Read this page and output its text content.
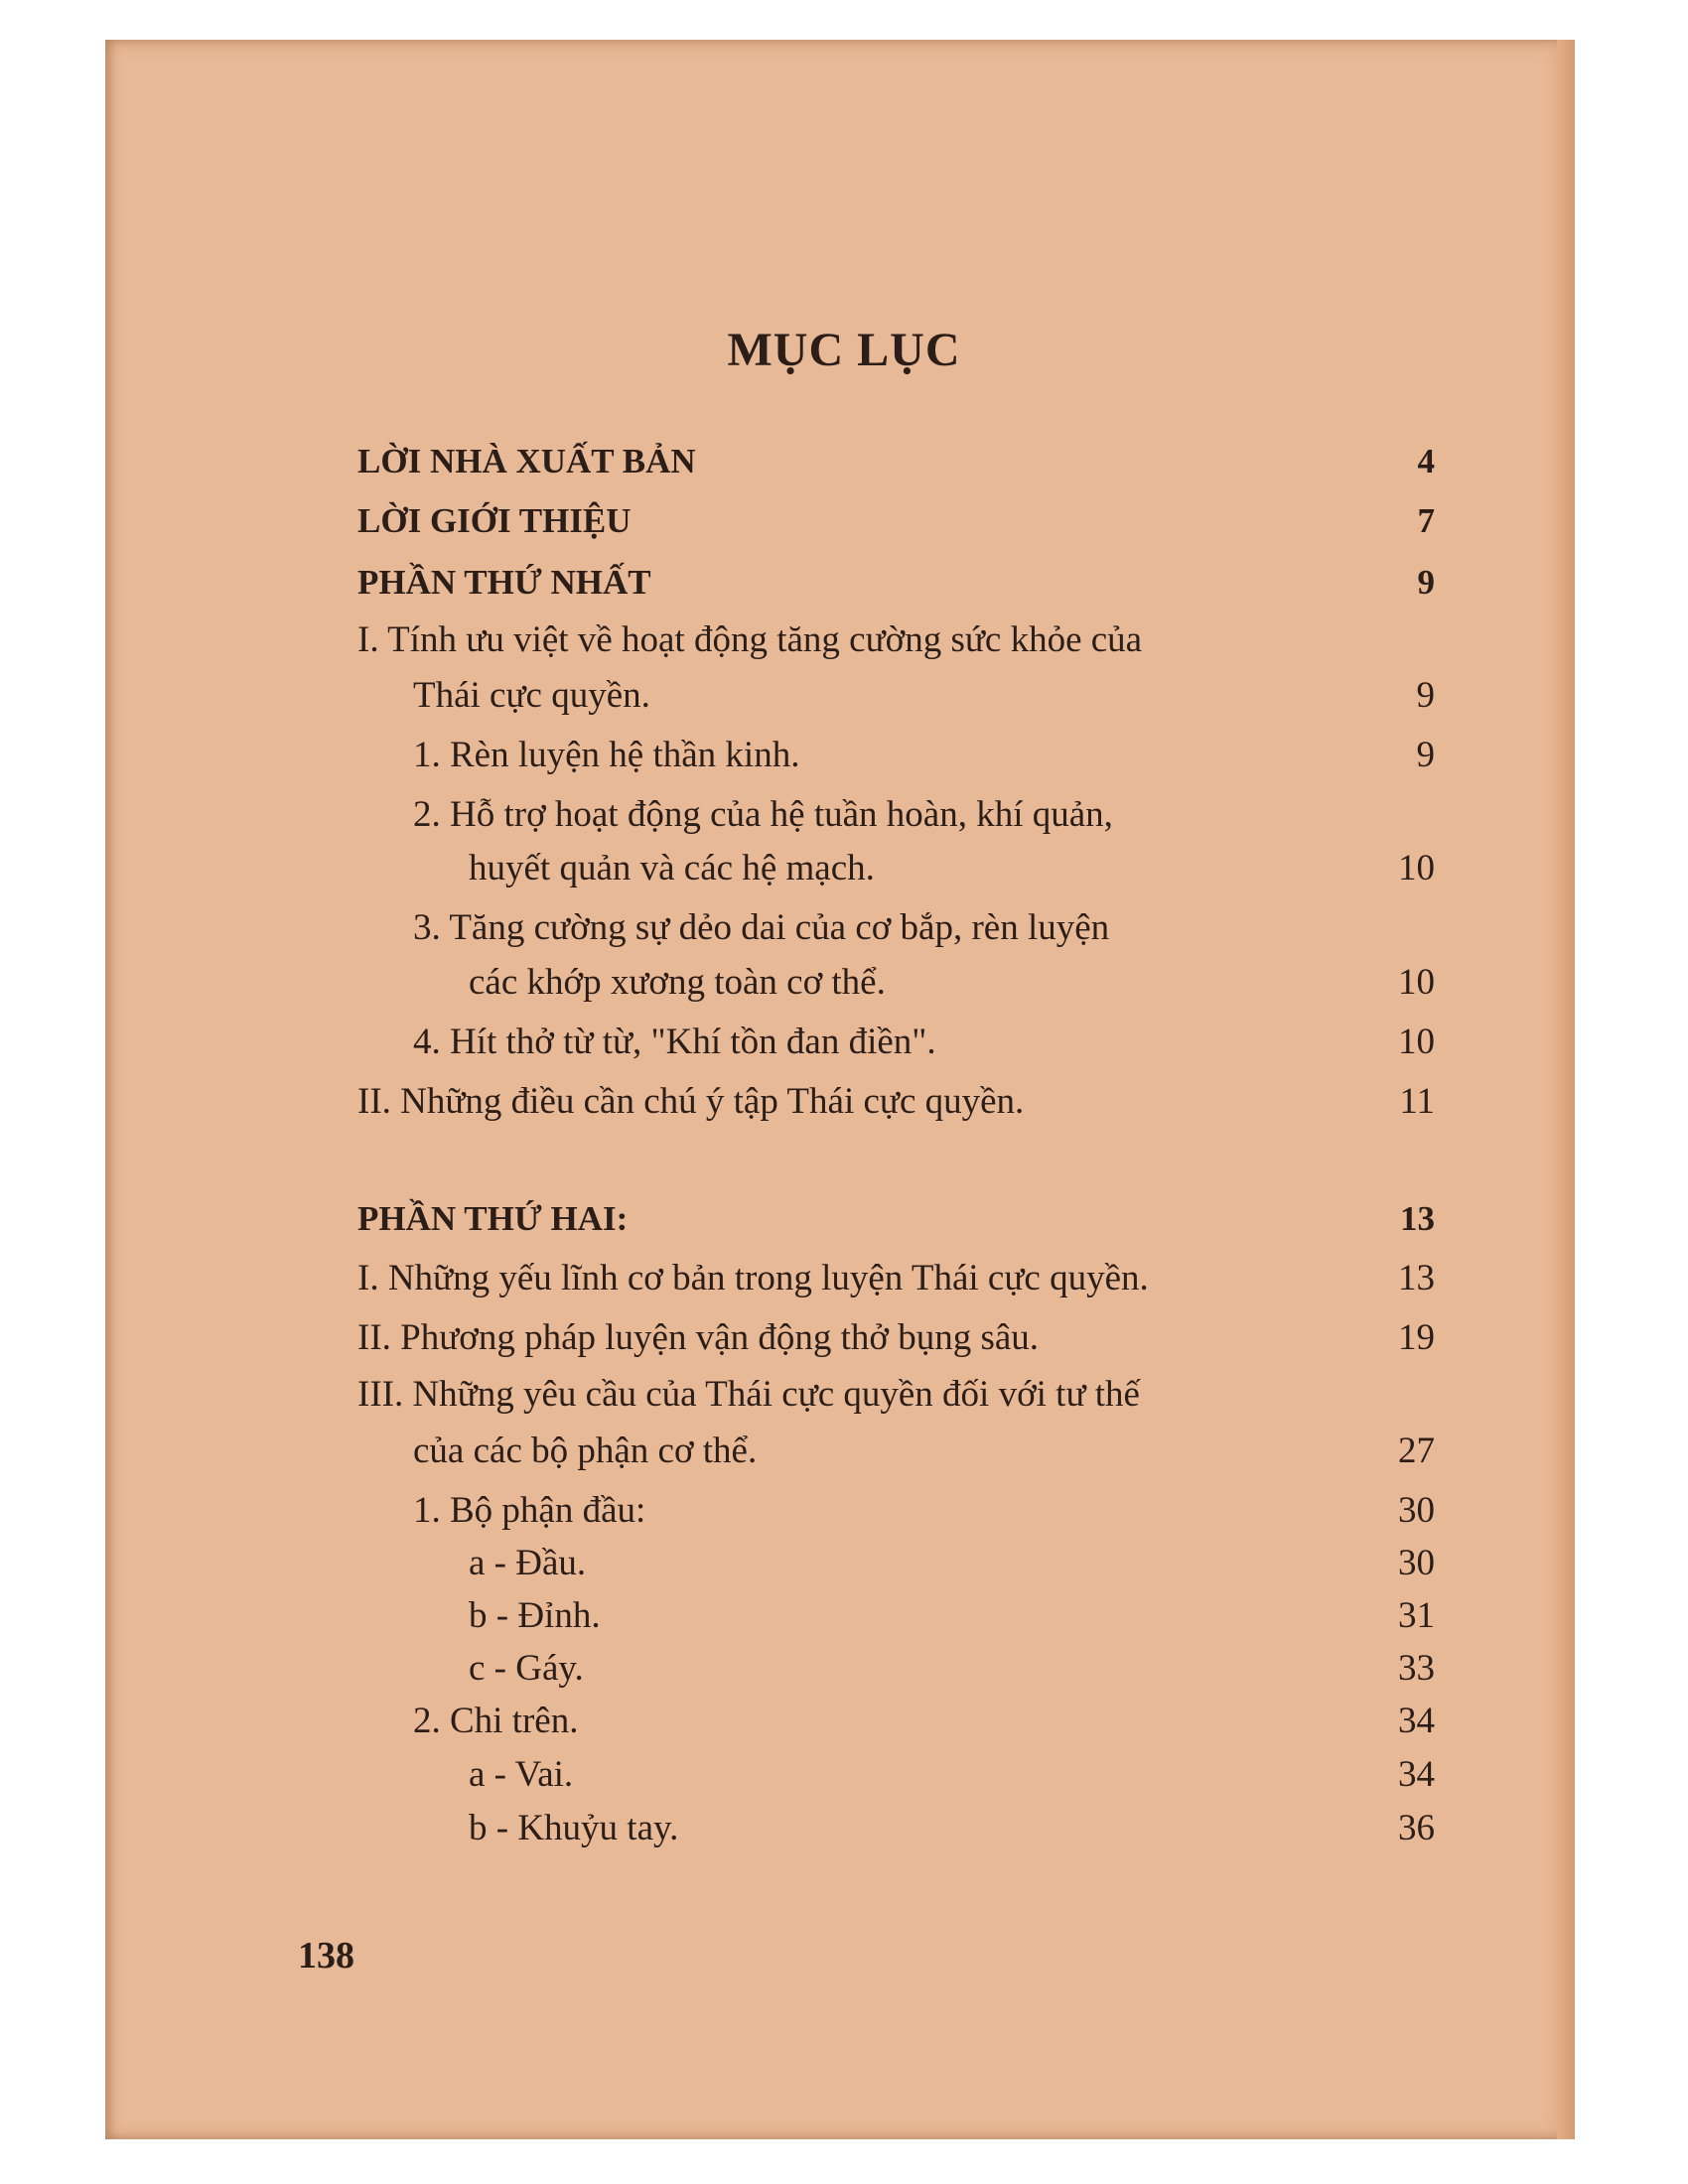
MỤC LỤC
LỜI NHÀ XUẤT BẢN	4
LỜI GIỚI THIỆU	7
PHẦN THỨ NHẤT	9
I. Tính ưu việt về hoạt động tăng cường sức khỏe của
Thái cực quyền.	9
1. Rèn luyện hệ thần kinh.	9
2. Hỗ trợ hoạt động của hệ tuần hoàn, khí quản,
huyết quản và các hệ mạch.	10
3. Tăng cường sự dẻo dai của cơ bắp, rèn luyện
các khớp xương toàn cơ thể.	10
4. Hít thở từ từ, "Khí tồn đan điền".	10
II. Những điều cần chú ý tập Thái cực quyền.	11
PHẦN THỨ HAI:	13
I. Những yếu lĩnh cơ bản trong luyện Thái cực quyền.	13
II. Phương pháp luyện vận động thở bụng sâu.	19
III. Những yêu cầu của Thái cực quyền đối với tư thế
của các bộ phận cơ thể.	27
1. Bộ phận đầu:	30
a - Đầu.	30
b - Đỉnh.	31
c - Gáy.	33
2. Chi trên.	34
a - Vai.	34
b - Khuỷu tay.	36
138
